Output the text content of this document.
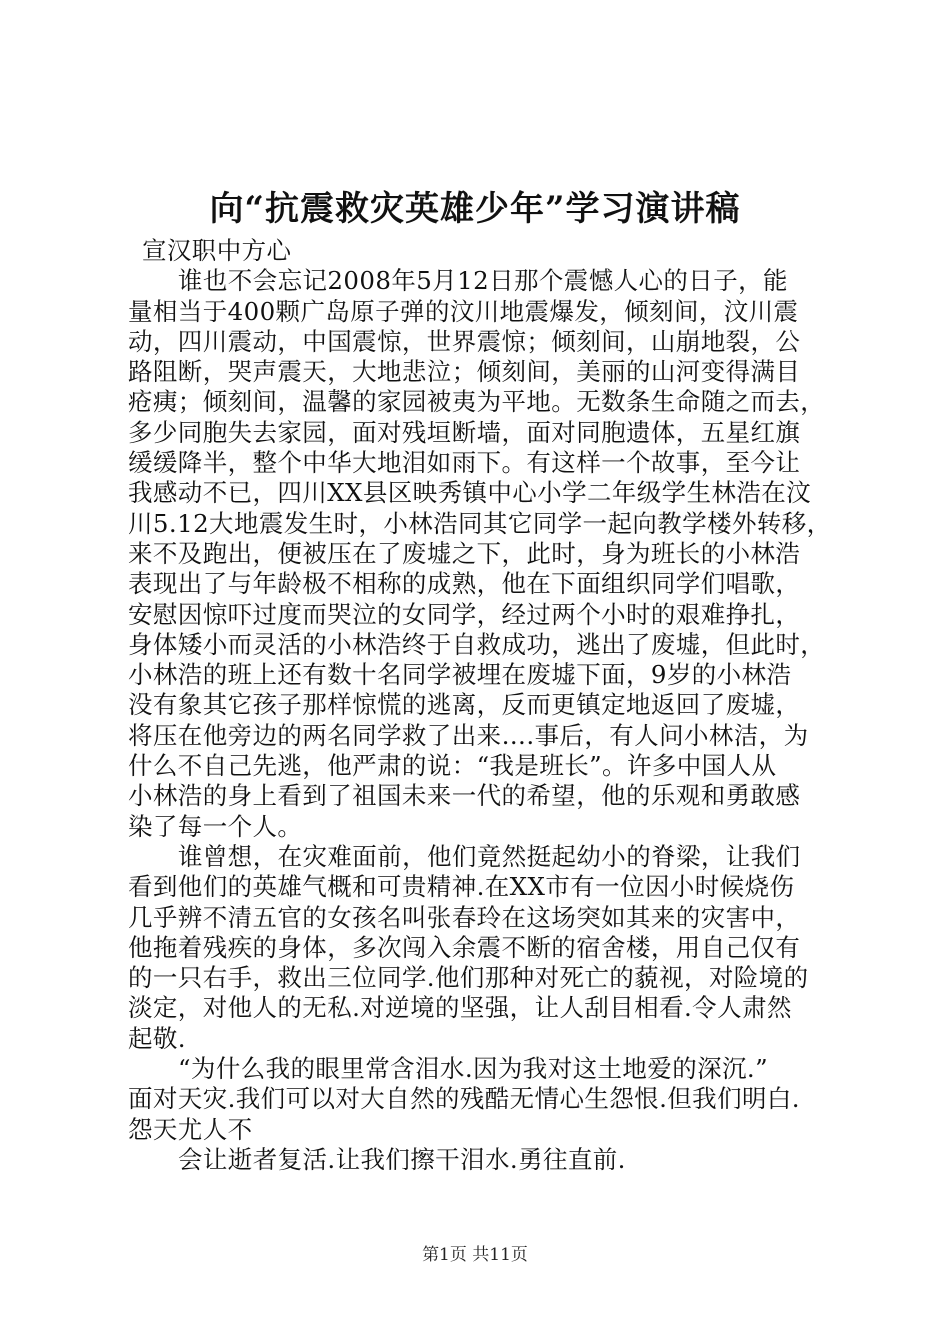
向“抗震救灾英雄少年”学习演讲稿
宣汉职中方心
谁也不会忘记2008年5月12日那个震憾人心的日子，能
量相当于400颗广岛原子弹的汶川地震爆发，倾刻间，汶川震
动，四川震动，中国震惊，世界震惊；倾刻间，山崩地裂，公
路阻断，哭声震天，大地悲泣；倾刻间，美丽的山河变得满目
疮痍；倾刻间，温馨的家园被夷为平地。无数条生命随之而去，
多少同胞失去家园，面对残垣断墙，面对同胞遗体，五星红旗
缓缓降半，整个中华大地泪如雨下。有这样一个故事，至今让
我感动不已，四川XX县区映秀镇中心小学二年级学生林浩在汶
川5.12大地震发生时，小林浩同其它同学一起向教学楼外转移，
来不及跑出，便被压在了废墟之下，此时，身为班长的小林浩
表现出了与年龄极不相称的成熟，他在下面组织同学们唱歌，
安慰因惊吓过度而哭泣的女同学，经过两个小时的艰难挣扎，
身体矮小而灵活的小林浩终于自救成功，逃出了废墟，但此时，
小林浩的班上还有数十名同学被埋在废墟下面，9岁的小林浩
没有象其它孩子那样惊慌的逃离，反而更镇定地返回了废墟，
将压在他旁边的两名同学救了出来….事后，有人问小林洁，为
什么不自己先逃，他严肃的说：“我是班长”。许多中国人从
小林浩的身上看到了祖国未来一代的希望，他的乐观和勇敢感
染了每一个人。
谁曾想，在灾难面前，他们竟然挺起幼小的脊梁，让我们
看到他们的英雄气概和可贵精神.在XX市有一位因小时候烧伤
几乎辨不清五官的女孩名叫张春玲在这场突如其来的灾害中，
他拖着残疾的身体，多次闯入余震不断的宿舍楼，用自己仅有
的一只右手，救出三位同学.他们那种对死亡的藐视，对险境的
淡定，对他人的无私.对逆境的坚强，让人刮目相看.令人肃然
起敬.
“为什么我的眼里常含泪水.因为我对这土地爱的深沉.”
面对天灾.我们可以对大自然的残酷无情心生怨恨.但我们明白.
怨天尤人不
会让逝者复活.让我们擦干泪水.勇往直前.
第1页 共11页
